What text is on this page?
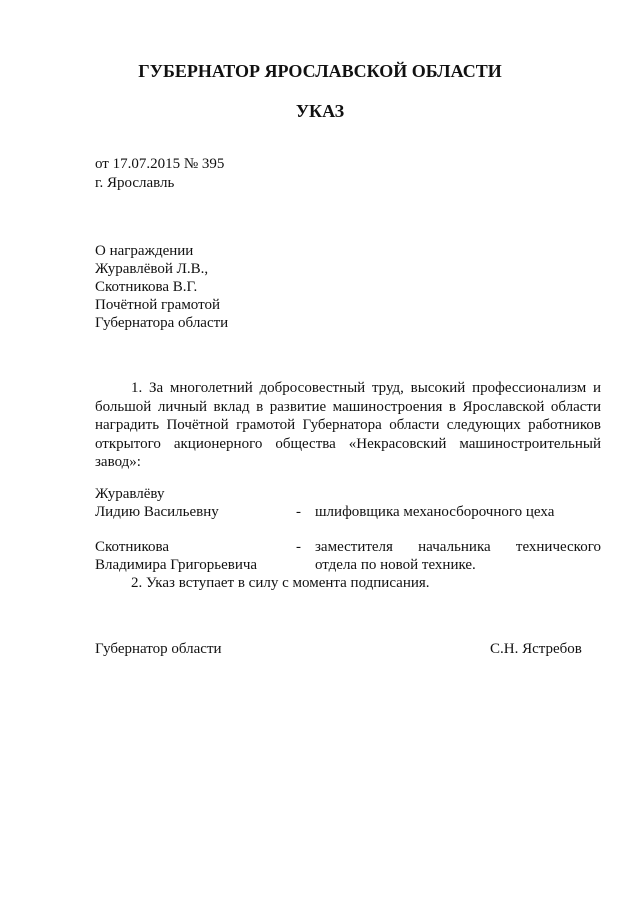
ГУБЕРНАТОР ЯРОСЛАВСКОЙ ОБЛАСТИ
УКАЗ
от 17.07.2015 № 395
г. Ярославль
О награждении
Журавлёвой Л.В.,
Скотникова В.Г.
Почётной грамотой
Губернатора области
1. За многолетний добросовестный труд, высокий профессионализм и
большой личный вклад в развитие машиностроения в Ярославской области
наградить Почётной грамотой Губернатора области следующих работников
открытого акционерного общества «Некрасовский машиностроительный
завод»:
Журавлёву
Лидию Васильевну	- шлифовщика механосборочного цеха
Скотникова
Владимира Григорьевича
- заместителя начальника технического
отдела по новой технике.
2. Указ вступает в силу с момента подписания.
Губернатор области	С.Н. Ястребов
